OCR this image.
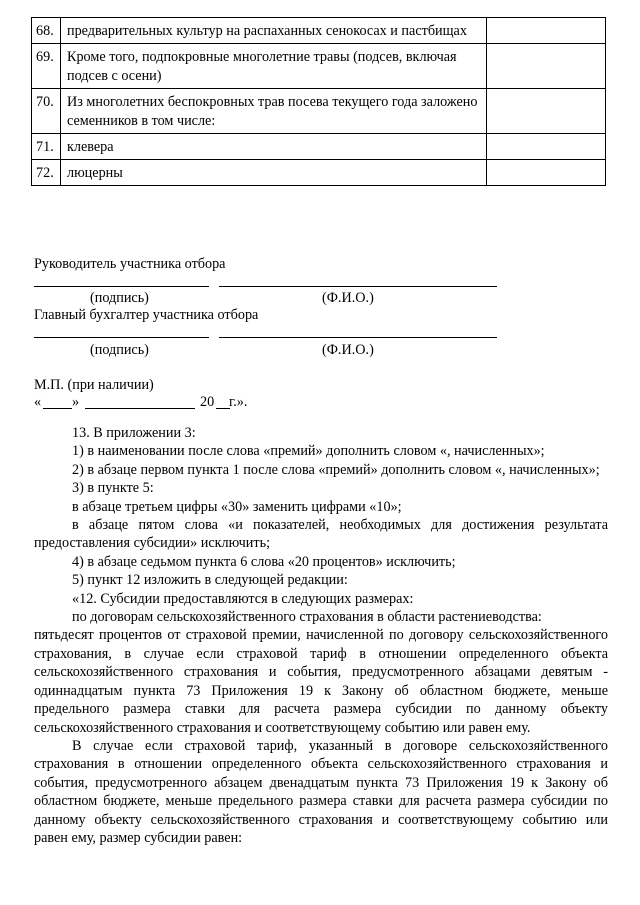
68.	предварительных культур на распаханных сенокосах и пастбищах	
69.	Кроме того, подпокровные многолетние травы (подсев, включая подсев с осени)	
70.	Из многолетних беспокровных трав посева текущего года заложено семенников в том числе:	
71.	клевера	
72.	люцерны	
Руководитель участника отбора
(подпись)	(Ф.И.О.)
Главный бухгалтер участника отбора
(подпись)	(Ф.И.О.)
М.П. (при наличии)
« »	20 г.».

13. В приложении 3:

1) в наименовании после слова «премий» дополнить словом «, начисленных»;

2) в абзаце первом пункта 1 после слова «премий» дополнить словом «, начисленных»;

3) в пункте 5:

в абзаце третьем цифры «30» заменить цифрами «10»;

в абзаце пятом слова «и показателей, необходимых для достижения результата предоставления субсидии» исключить;

4) в абзаце седьмом пункта 6 слова «20 процентов» исключить;

5) пункт 12 изложить в следующей редакции:

«12. Субсидии предоставляются в следующих размерах:

по договорам сельскохозяйственного страхования в области растениеводства:

пятьдесят процентов от страховой премии, начисленной по договору сельскохозяйственного страхования, в случае если страховой тариф в отношении определенного объекта сельскохозяйственного страхования и события, предусмотренного абзацами девятым - одиннадцатым пункта 73 Приложения 19 к Закону об областном бюджете, меньше предельного размера ставки для расчета размера субсидии по данному объекту сельскохозяйственного страхования и соответствующему событию или равен ему.

В случае если страховой тариф, указанный в договоре сельскохозяйственного страхования в отношении определенного объекта сельскохозяйственного страхования и события, предусмотренного абзацем двенадцатым пункта 73 Приложения 19 к Закону об областном бюджете, меньше предельного размера ставки для расчета размера субсидии по данному объекту сельскохозяйственного страхования и соответствующему событию или равен ему, размер субсидии равен:
